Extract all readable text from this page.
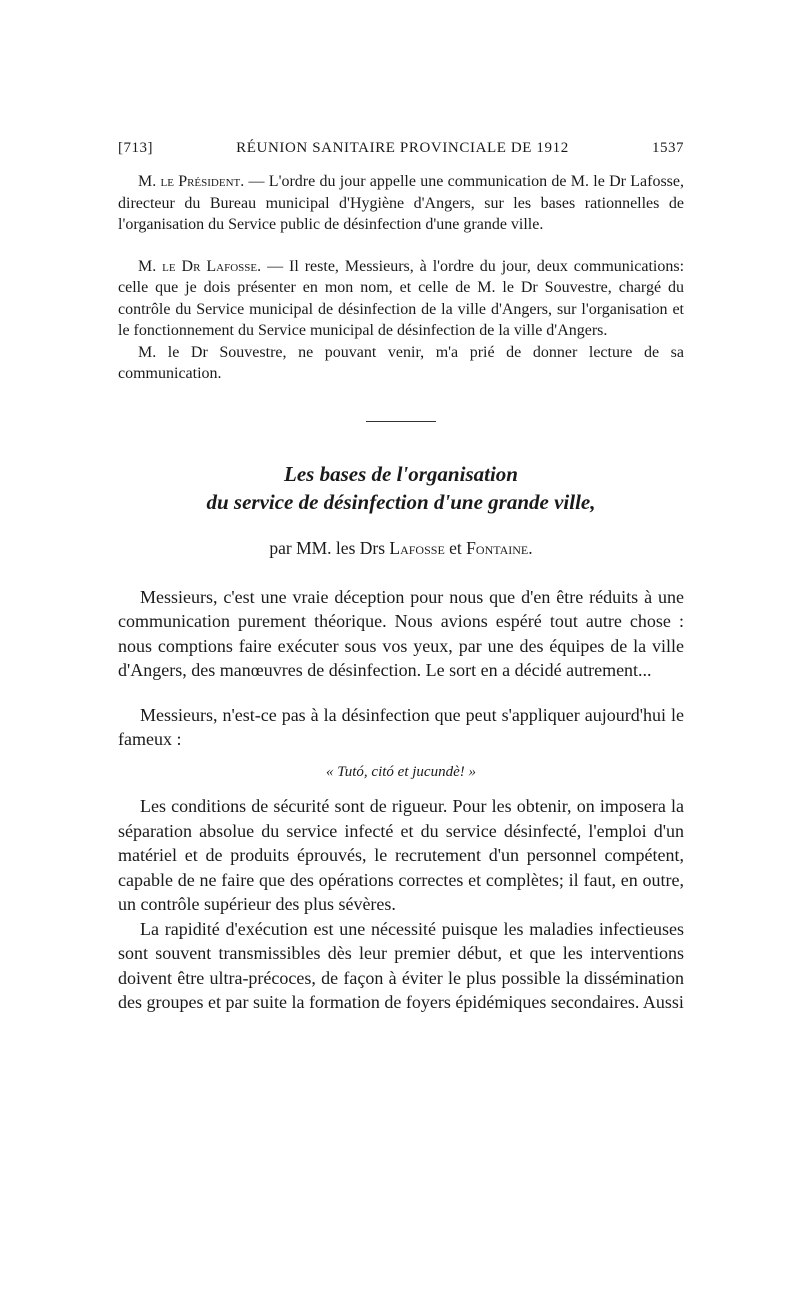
[713]	RÉUNION SANITAIRE PROVINCIALE DE 1912	1537

M. le Président. — L'ordre du jour appelle une communication de M. le Dr Lafosse, directeur du Bureau municipal d'Hygiène d'Angers, sur les bases rationnelles de l'organisation du Service public de désinfection d'une grande ville.

M. le Dr Lafosse. — Il reste, Messieurs, à l'ordre du jour, deux communications: celle que je dois présenter en mon nom, et celle de M. le Dr Souvestre, chargé du contrôle du Service municipal de désinfection de la ville d'Angers, sur l'organisation et le fonctionnement du Service municipal de désinfection de la ville d'Angers.

M. le Dr Souvestre, ne pouvant venir, m'a prié de donner lecture de sa communication.

Les bases de l'organisation
du service de désinfection d'une grande ville,
par MM. les Drs Lafosse et Fontaine.

Messieurs, c'est une vraie déception pour nous que d'en être réduits à une communication purement théorique. Nous avions espéré tout autre chose : nous comptions faire exécuter sous vos yeux, par une des équipes de la ville d'Angers, des manœuvres de désinfection. Le sort en a décidé autrement...

Messieurs, n'est-ce pas à la désinfection que peut s'appliquer aujourd'hui le fameux :

« Tutó, citó et jucundè! »

Les conditions de sécurité sont de rigueur. Pour les obtenir, on imposera la séparation absolue du service infecté et du service désinfecté, l'emploi d'un matériel et de produits éprouvés, le recrutement d'un personnel compétent, capable de ne faire que des opérations correctes et complètes; il faut, en outre, un contrôle supérieur des plus sévères.

La rapidité d'exécution est une nécessité puisque les maladies infectieuses sont souvent transmissibles dès leur premier début, et que les interventions doivent être ultra-précoces, de façon à éviter le plus possible la dissémination des groupes et par suite la formation de foyers épidémiques secondaires. Aussi
